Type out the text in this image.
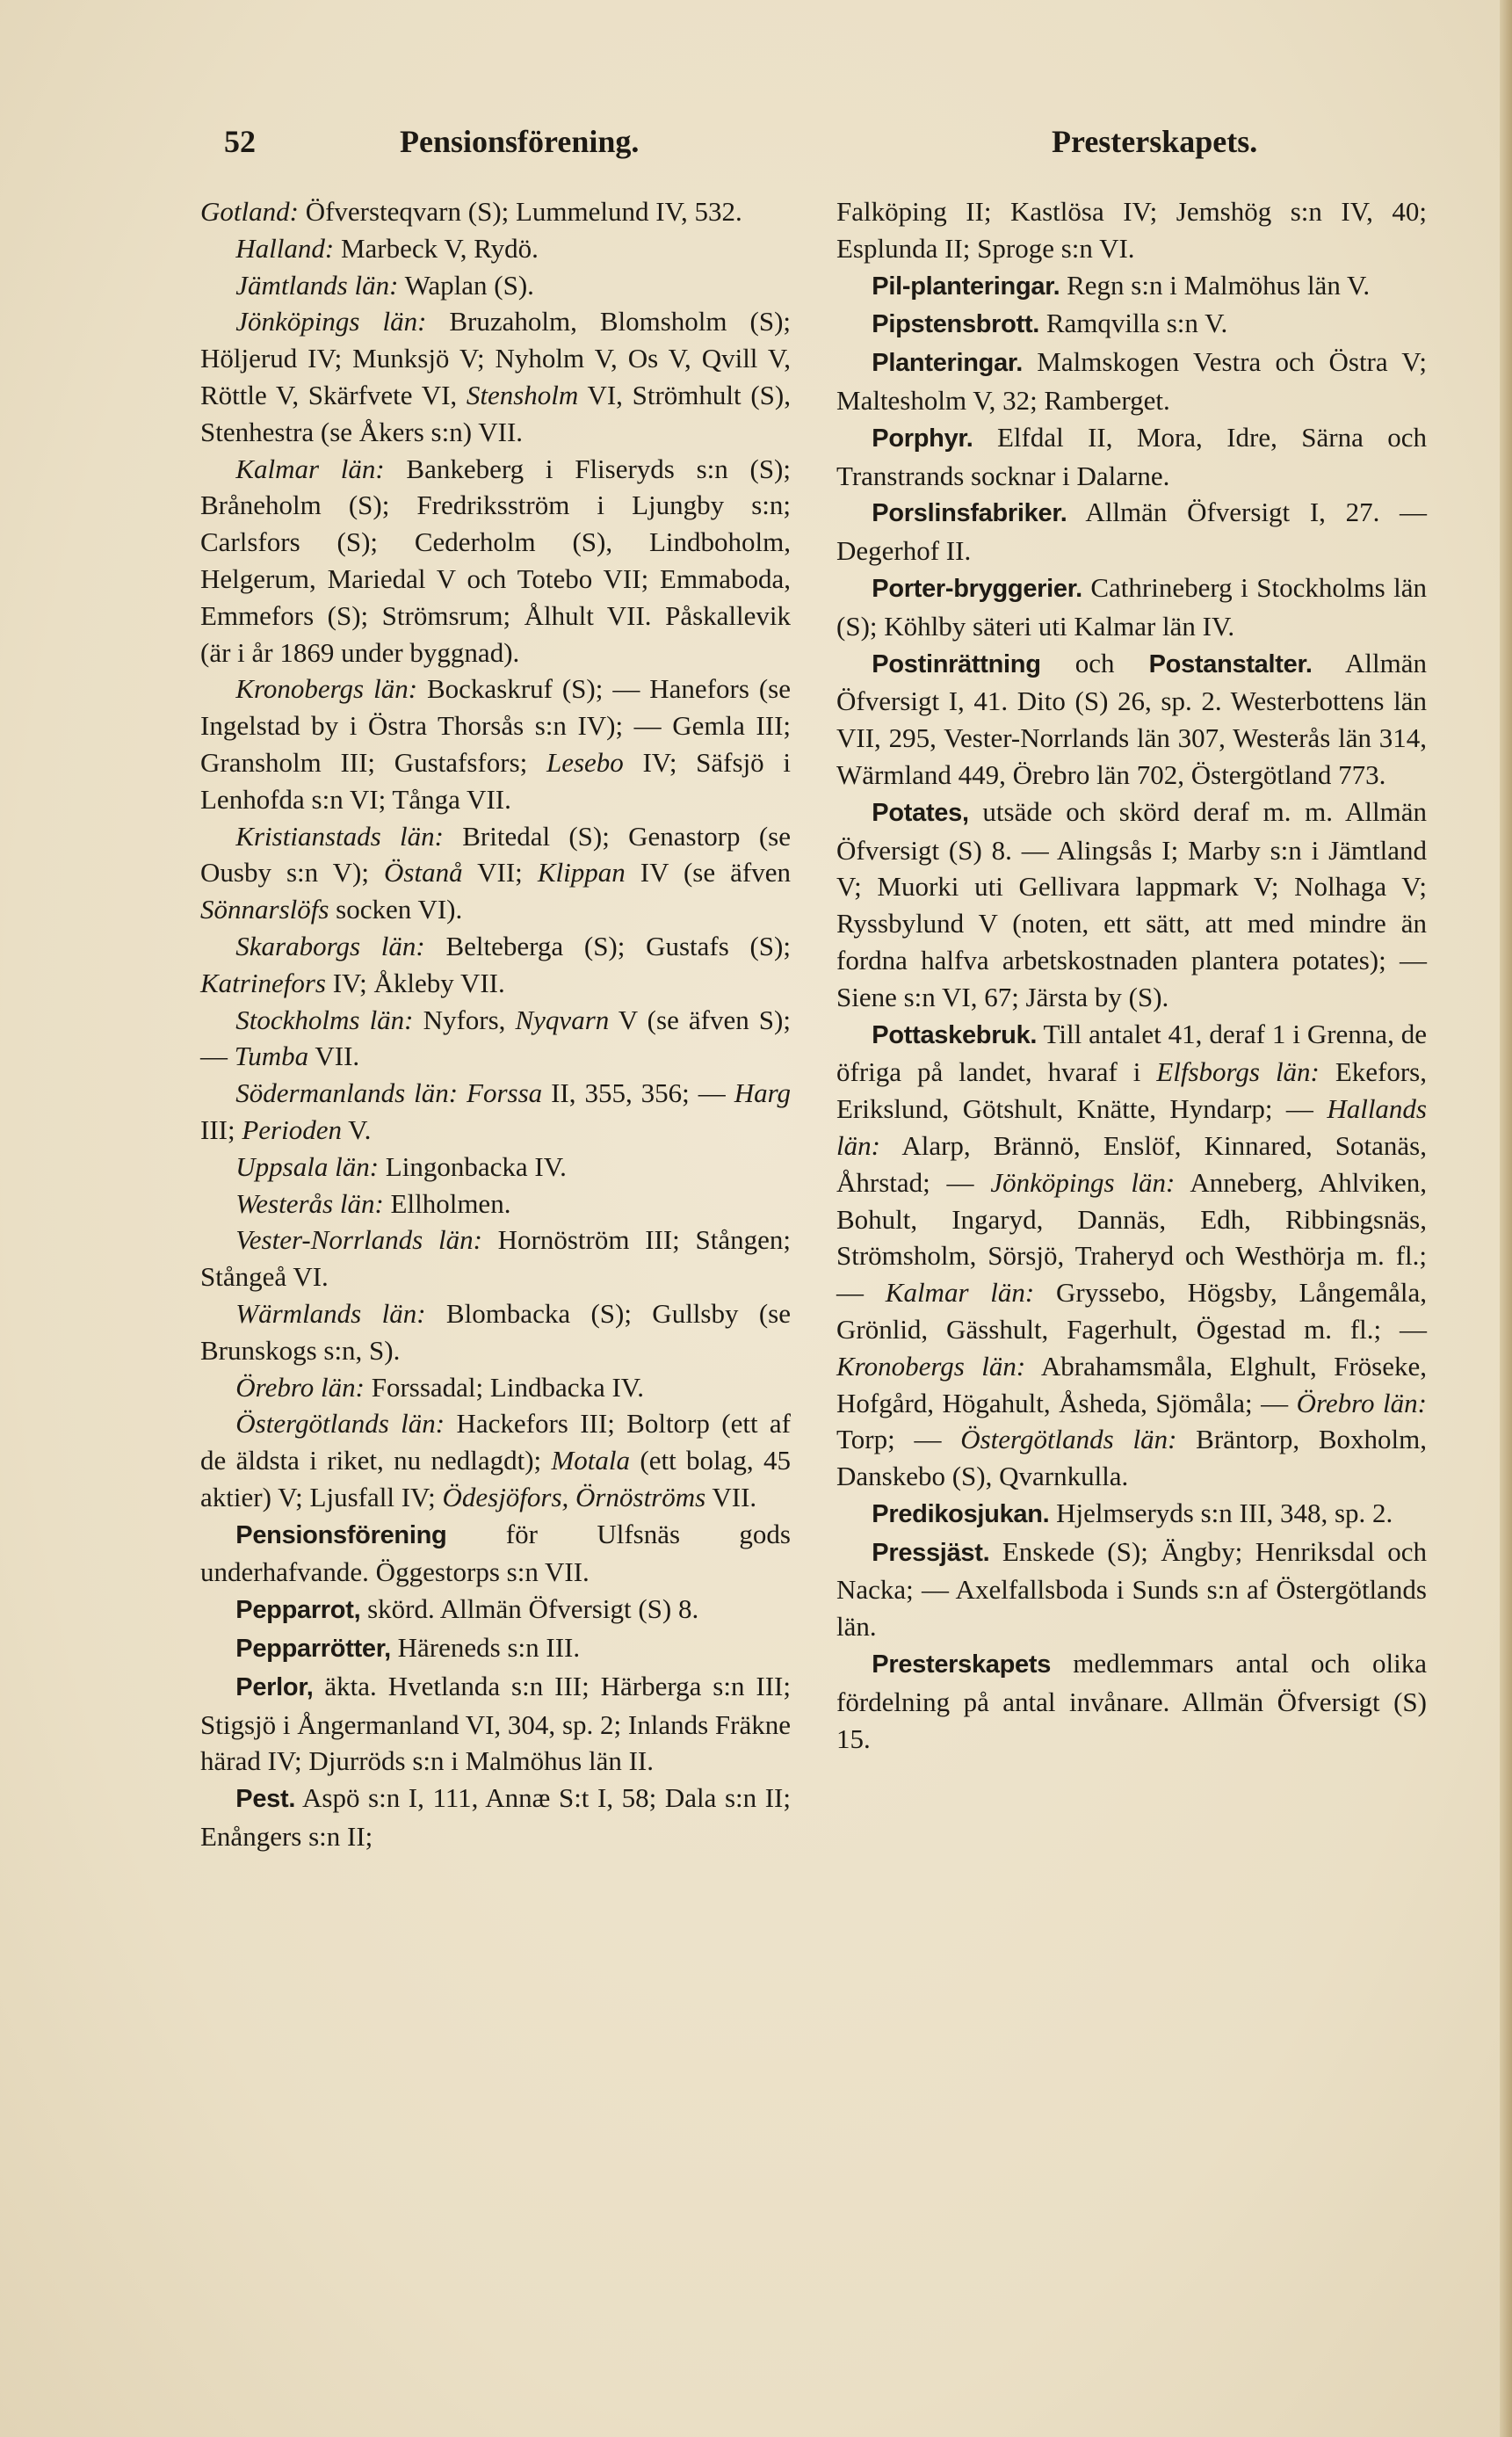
52	Pensionsförening.	Presterskapets.

Gotland: Öfversteqvarn (S); Lummelund IV, 532.

Halland: Marbeck V, Rydö.

Jämtlands län: Waplan (S).

Jönköpings län: Bruzaholm, Blomsholm (S); Höljerud IV; Munksjö V; Nyholm V, Os V, Qvill V, Röttle V, Skärfvete VI, Stensholm VI, Strömhult (S), Stenhestra (se Åkers s:n) VII.

Kalmar län: Bankeberg i Fliseryds s:n (S); Bråneholm (S); Fredriksström i Ljungby s:n; Carlsfors (S); Cederholm (S), Lindboholm, Helgerum, Mariedal V och Totebo VII; Emmaboda, Emmefors (S); Strömsrum; Ålhult VII. Påskallevik (är i år 1869 under byggnad).

Kronobergs län: Bockaskruf (S); — Hanefors (se Ingelstad by i Östra Thorsås s:n IV); — Gemla III; Gransholm III; Gustafsfors; Lesebo IV; Säfsjö i Lenhofda s:n VI; Tånga VII.

Kristianstads län: Britedal (S); Genastorp (se Ousby s:n V); Östanå VII; Klippan IV (se äfven Sönnarslöfs socken VI).

Skaraborgs län: Belteberga (S); Gustafs (S); Katrinefors IV; Åkleby VII.

Stockholms län: Nyfors, Nyqvarn V (se äfven S); — Tumba VII.

Södermanlands län: Forssa II, 355, 356; — Harg III; Perioden V.

Uppsala län: Lingonbacka IV.

Westerås län: Ellholmen.

Vester-Norrlands län: Hornöström III; Stången; Stångeå VI.

Wärmlands län: Blombacka (S); Gullsby (se Brunskogs s:n, S).

Örebro län: Forssadal; Lindbacka IV.

Östergötlands län: Hackefors III; Boltorp (ett af de äldsta i riket, nu nedlagdt); Motala (ett bolag, 45 aktier) V; Ljusfall IV; Ödesjöfors, Örnöströms VII.

Pensionsförening för Ulfsnäs gods underhafvande. Öggestorps s:n VII.

Pepparrot, skörd. Allmän Öfversigt (S) 8.

Pepparrötter, Häreneds s:n III.

Perlor, äkta. Hvetlanda s:n III; Härberga s:n III; Stigsjö i Ångermanland VI, 304, sp. 2; Inlands Fräkne härad IV; Djurröds s:n i Malmöhus län II.

Pest. Aspö s:n I, 111, Annæ S:t I, 58; Dala s:n II; Enångers s:n II;

Falköping II; Kastlösa IV; Jemshög s:n IV, 40; Esplunda II; Sproge s:n VI.

Pil-planteringar. Regn s:n i Malmöhus län V.

Pipstensbrott. Ramqvilla s:n V.

Planteringar. Malmskogen Vestra och Östra V; Maltesholm V, 32; Ramberget.

Porphyr. Elfdal II, Mora, Idre, Särna och Transtrands socknar i Dalarne.

Porslinsfabriker. Allmän Öfversigt I, 27. — Degerhof II.

Porter-bryggerier. Cathrineberg i Stockholms län (S); Köhlby säteri uti Kalmar län IV.

Postinrättning och Postanstalter. Allmän Öfversigt I, 41. Dito (S) 26, sp. 2. Westerbottens län VII, 295, Vester-Norrlands län 307, Westerås län 314, Wärmland 449, Örebro län 702, Östergötland 773.

Potates, utsäde och skörd deraf m. m. Allmän Öfversigt (S) 8. — Alingsås I; Marby s:n i Jämtland V; Muorki uti Gellivara lappmark V; Nolhaga V; Ryssbylund V (noten, ett sätt, att med mindre än fordna halfva arbetskostnaden plantera potates); — Siene s:n VI, 67; Järsta by (S).

Pottaskebruk. Till antalet 41, deraf 1 i Grenna, de öfriga på landet, hvaraf i Elfsborgs län: Ekefors, Erikslund, Götshult, Knätte, Hyndarp; — Hallands län: Alarp, Brännö, Enslöf, Kinnared, Sotanäs, Åhrstad; — Jönköpings län: Anneberg, Ahlviken, Bohult, Ingaryd, Dannäs, Edh, Ribbingsnäs, Strömsholm, Sörsjö, Traheryd och Westhörja m. fl.; — Kalmar län: Gryssebo, Högsby, Långemåla, Grönlid, Gässhult, Fagerhult, Ögestad m. fl.; — Kronobergs län: Abrahamsmåla, Elghult, Fröseke, Hofgård, Högahult, Åsheda, Sjömåla; — Örebro län: Torp; — Östergötlands län: Bräntorp, Boxholm, Danskebo (S), Qvarnkulla.

Predikosjukan. Hjelmseryds s:n III, 348, sp. 2.

Pressjäst. Enskede (S); Ängby; Henriksdal och Nacka; — Axelfallsboda i Sunds s:n af Östergötlands län.

Presterskapets medlemmars antal och olika fördelning på antal invånare. Allmän Öfversigt (S) 15.
